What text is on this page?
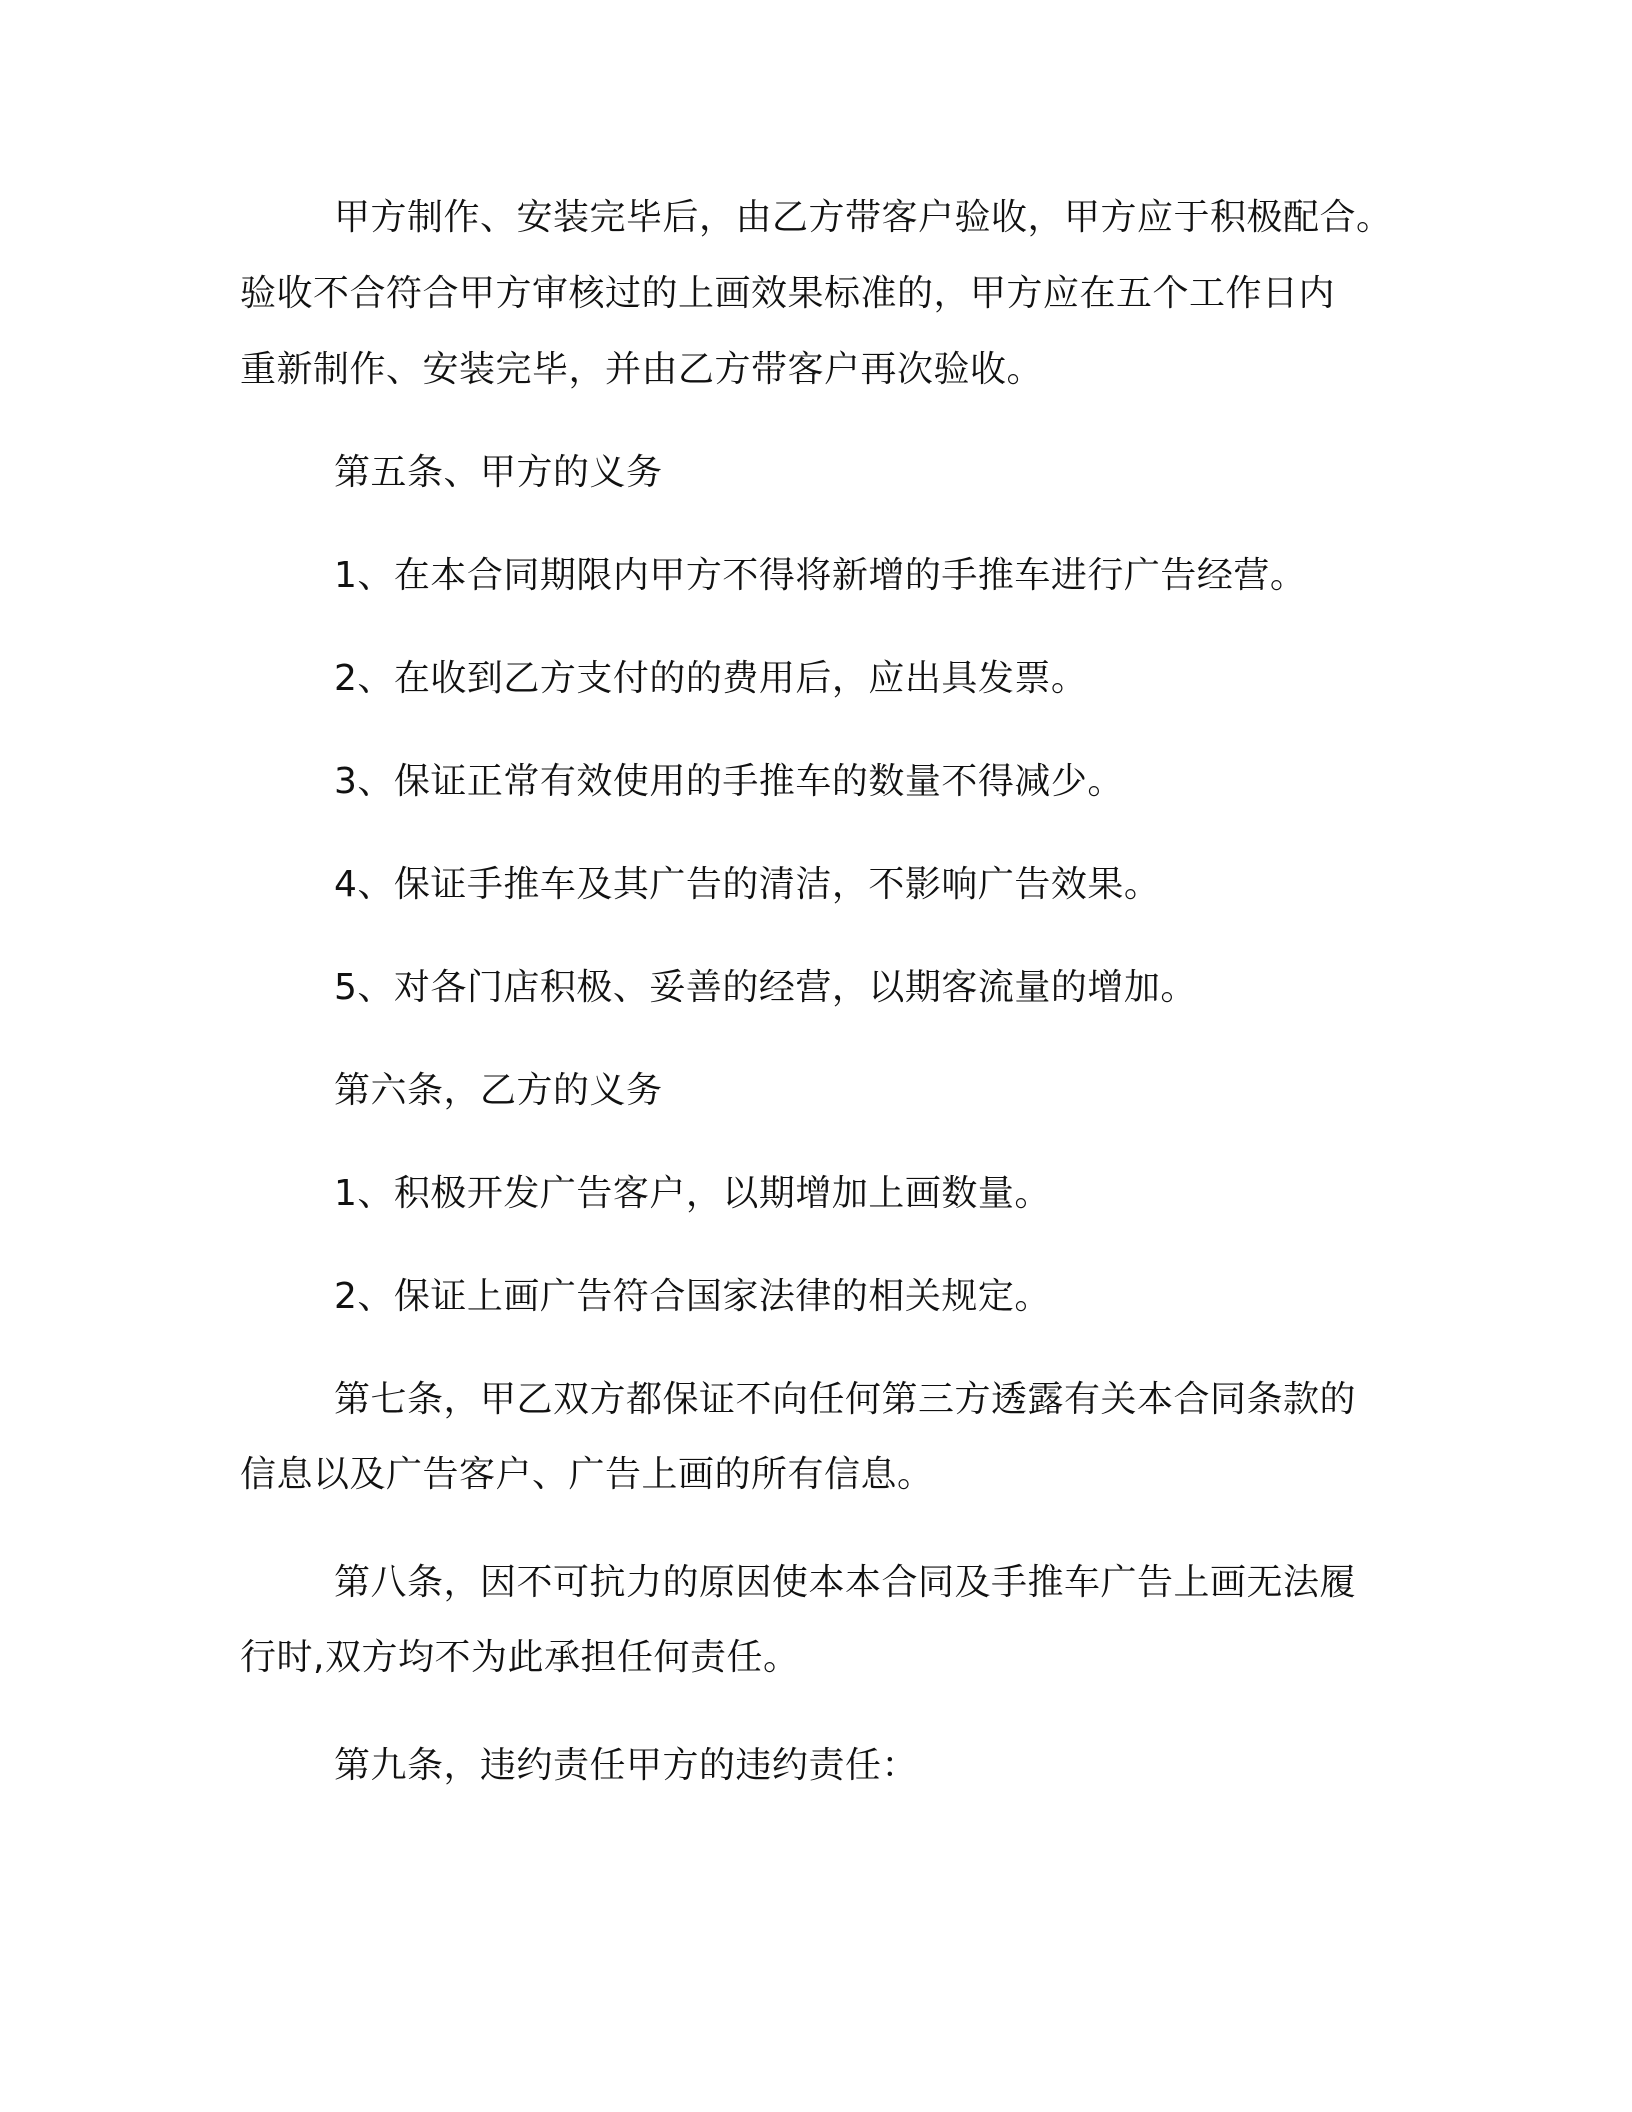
甲方制作、安装完毕后，由乙方带客户验收，甲方应于积极配合。
验收不合符合甲方审核过的上画效果标准的，甲方应在五个工作日内
重新制作、安装完毕，并由乙方带客户再次验收。
第五条、甲方的义务
1、在本合同期限内甲方不得将新增的手推车进行广告经营。
2、在收到乙方支付的的费用后，应出具发票。
3、保证正常有效使用的手推车的数量不得减少。
4、保证手推车及其广告的清洁，不影响广告效果。
5、对各门店积极、妥善的经营，以期客流量的增加。
第六条，乙方的义务
1、积极开发广告客户，以期增加上画数量。
2、保证上画广告符合国家法律的相关规定。
第七条，甲乙双方都保证不向任何第三方透露有关本合同条款的
信息以及广告客户、广告上画的所有信息。
第八条，因不可抗力的原因使本本合同及手推车广告上画无法履
行时,双方均不为此承担任何责任。
第九条，违约责任甲方的违约责任：
